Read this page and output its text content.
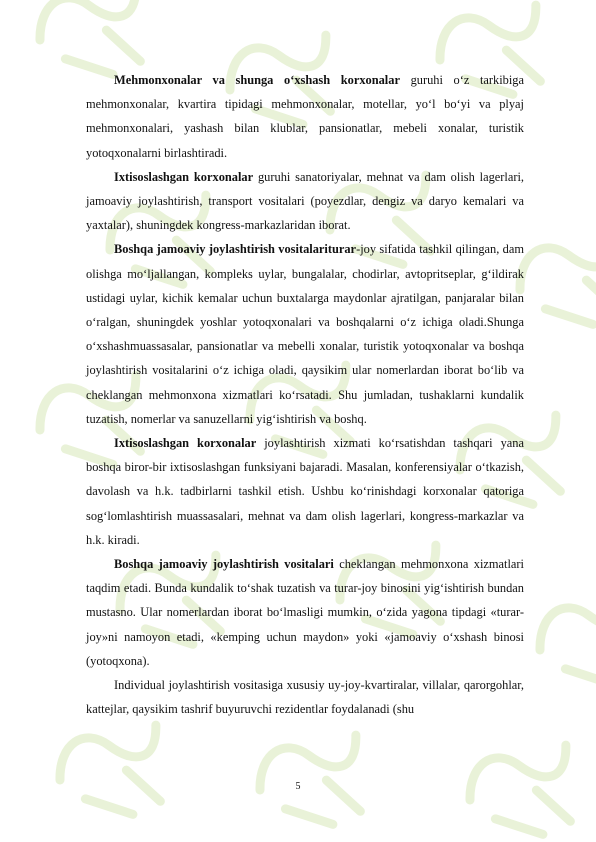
Mehmonxonalar va shunga o‘xshash korxonalar guruhi o‘z tarkibiga mehmonxonalar, kvartira tipidagi mehmonxonalar, motellar, yo‘l bo‘yi va plyaj mehmonxonalari, yashash bilan klublar, pansionatlar, mebeli xonalar, turistik yotoqxonalarni birlashtiradi.

Ixtisoslashgan korxonalar guruhi sanatoriyalar, mehnat va dam olish lagerlari, jamoaviy joylashtirish, transport vositalari (poyezdlar, dengiz va daryo kemalari va yaxtalar), shuningdek kongress-markazlaridan iborat.

Boshqa jamoaviy joylashtirish vositalariturar-joy sifatida tashkil qilingan, dam olishga mo‘ljallangan, kompleks uylar, bungalalar, chodirlar, avtopritseplar, g‘ildirak ustidagi uylar, kichik kemalar uchun buxtalarga maydonlar ajratilgan, panjaralar bilan o‘ralgan, shuningdek yoshlar yotoqxonalari va boshqalarni o‘z ichiga oladi.Shunga o‘xshashmuassasalar, pansionatlar va mebelli xonalar, turistik yotoqxonalar va boshqa joylashtirish vositalarini o‘z ichiga oladi, qaysikim ular nomerlardan iborat bo‘lib va cheklangan mehmonxona xizmatlari ko‘rsatadi. Shu jumladan, tushaklarni kundalik tuzatish, nomerlar va sanuzellarni yig‘ishtirish va boshq.

Ixtisoslashgan korxonalar joylashtirish xizmati ko‘rsatishdan tashqari yana boshqa biror-bir ixtisoslashgan funksiyani bajaradi. Masalan, konferensiyalar o‘tkazish, davolash va h.k. tadbirlarni tashkil etish. Ushbu ko‘rinishdagi korxonalar qatoriga sog‘lomlashtirish muassasalari, mehnat va dam olish lagerlari, kongress-markazlar va h.k. kiradi.

Boshqa jamoaviy joylashtirish vositalari cheklangan mehmonxona xizmatlari taqdim etadi. Bunda kundalik to‘shak tuzatish va turar-joy binosini yig‘ishtirish bundan mustasno. Ular nomerlardan iborat bo‘lmasligi mumkin, o‘zida yagona tipdagi «turar-joy»ni namoyon etadi, «kemping uchun maydon» yoki «jamoaviy o‘xshash binosi (yotoqxona).

Individual joylashtirish vositasiga xususiy uy-joy-kvartiralar, villalar, qarorgohlar, kattejlar, qaysikim tashrif buyuruvchi rezidentlar foydalanadi (shu

5
